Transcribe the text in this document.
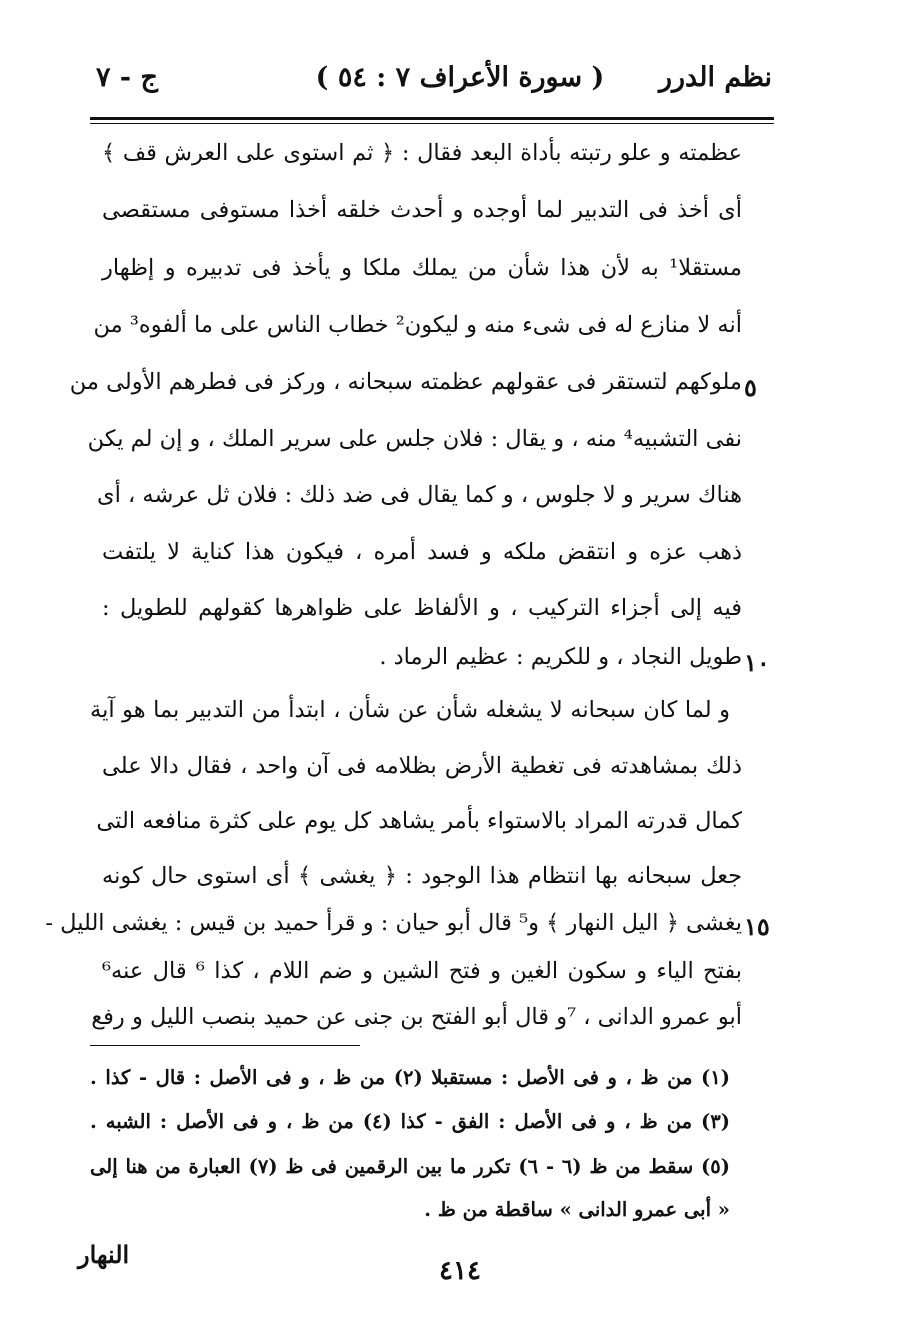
نظم الدرر
( سورة الأعراف ٧ : ٥٤ )
ج - ٧
عظمته و علو رتبته بأداة البعد فقال : ﴿ ثم استوى على العرش قف ﴾
أى أخذ فى التدبير لما أوجده و أحدث خلقه أخذا مستوفى مستقصى
مستقلا¹ به لأن هذا شأن من يملك ملكا و يأخذ فى تدبيره و إظهار
أنه لا منازع له فى شىء منه و ليكون² خطاب الناس على ما ألفوه³ من
ملوكهم لتستقر فى عقولهم عظمته سبحانه ، وركز فى فطرهم الأولى من ٥
نفى التشبيه⁴ منه ، و يقال : فلان جلس على سرير الملك ، و إن لم يكن
هناك سرير و لا جلوس ، و كما يقال فى ضد ذلك : فلان ثل عرشه ، أى
ذهب عزه و انتقض ملكه و فسد أمره ، فيكون هذا كناية لا يلتفت
فيه إلى أجزاء التركيب ، و الألفاظ على ظواهرها كقولهم للطويل :
طويل النجاد ، و للكريم : عظيم الرماد . ١٠
و لما كان سبحانه لا يشغله شأن عن شأن ، ابتدأ من التدبير بما هو آية
ذلك بمشاهدته فى تغطية الأرض بظلامه فى آن واحد ، فقال دالا على
كمال قدرته المراد بالاستواء بأمر يشاهد كل يوم على كثرة منافعه التى
جعل سبحانه بها انتظام هذا الوجود : ﴿ يغشى ﴾ أى استوى حال كونه
يغشى ﴿ اليل النهار ﴾ و⁵ قال أبو حيان : و قرأ حميد بن قيس : يغشى الليل - ١٥
بفتح الياء و سكون الغين و فتح الشين و ضم اللام ، كذا ⁶ قال عنه⁶
أبو عمرو الدانى ، ⁷و قال أبو الفتح بن جنى عن حميد بنصب الليل و رفع
(١) من ظ ، و فى الأصل : مستقبلا (٢) من ظ ، و فى الأصل : قال - كذا .
(٣) من ظ ، و فى الأصل : الفق - كذا (٤) من ظ ، و فى الأصل : الشبه .
(٥) سقط من ظ (٦ - ٦) تكرر ما بين الرقمين فى ظ (٧) العبارة من هنا إلى
« أبى عمرو الدانى » ساقطة من ظ .
٤١٤
النهار
